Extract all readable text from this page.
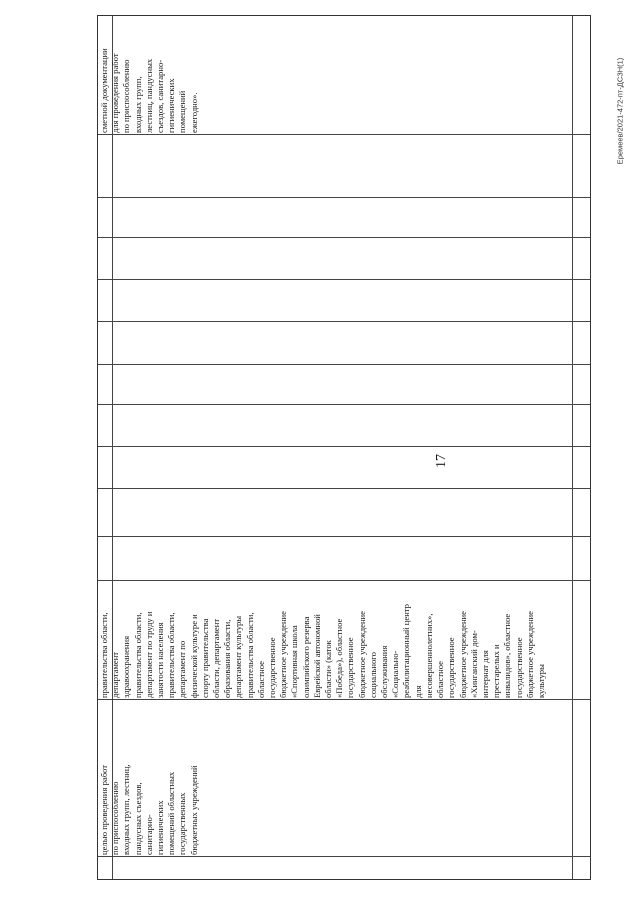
17
Еремеев/2021-472-пт-ДСЗН(1)

целью проведения работ по приспособлению входных групп, лестниц, пандусных съездов, санитарно- гигиенических помещений областных государственных бюджетных учреждений

правительства области, департамент здравоохранения правительства области, департамент по труду и занятости населения правительства области, департамент по физической культуре и спорту правительства области, департамент образования области, департамент культуры правительства области, областное государственное бюджетное учреждение «Спортивная школа олимпийского резерва Еврейской автономной области» (каток «Победа»), областное государственное бюджетное учреждение социального обслуживания «Социально- реабилитационный центр для несовершеннолетних», областное государственное бюджетное учреждение «Хинганский дом- интернат для престарелых и инвалидов», областное государственное бюджетное учреждение культуры

сметной документации для проведения работ по приспособлению входных групп, лестниц, пандусных съездов, санитарно- гигиенических помещений ежегодно».
